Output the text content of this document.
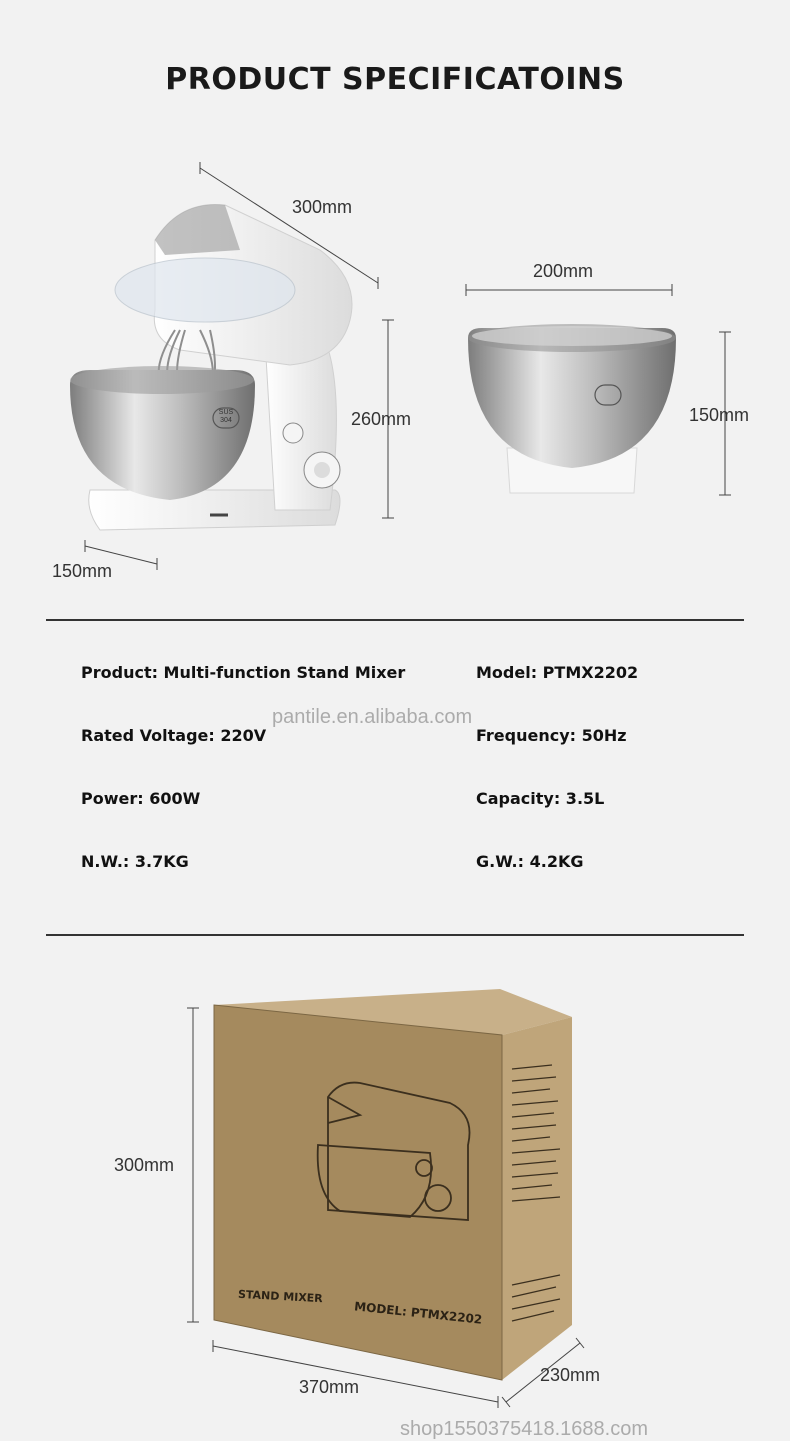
PRODUCT SPECIFICATOINS
SUS
304
300mm
260mm
150mm
200mm
150mm
Product: Multi-function Stand Mixer	Model: PTMX2202
Rated Voltage: 220V	Frequency: 50Hz
Power: 600W	Capacity: 3.5L
N.W.: 3.7KG	G.W.: 4.2KG
pantile.en.alibaba.com
STAND MIXER
MODEL: PTMX2202
300mm
370mm
230mm
shop1550375418.1688.com
